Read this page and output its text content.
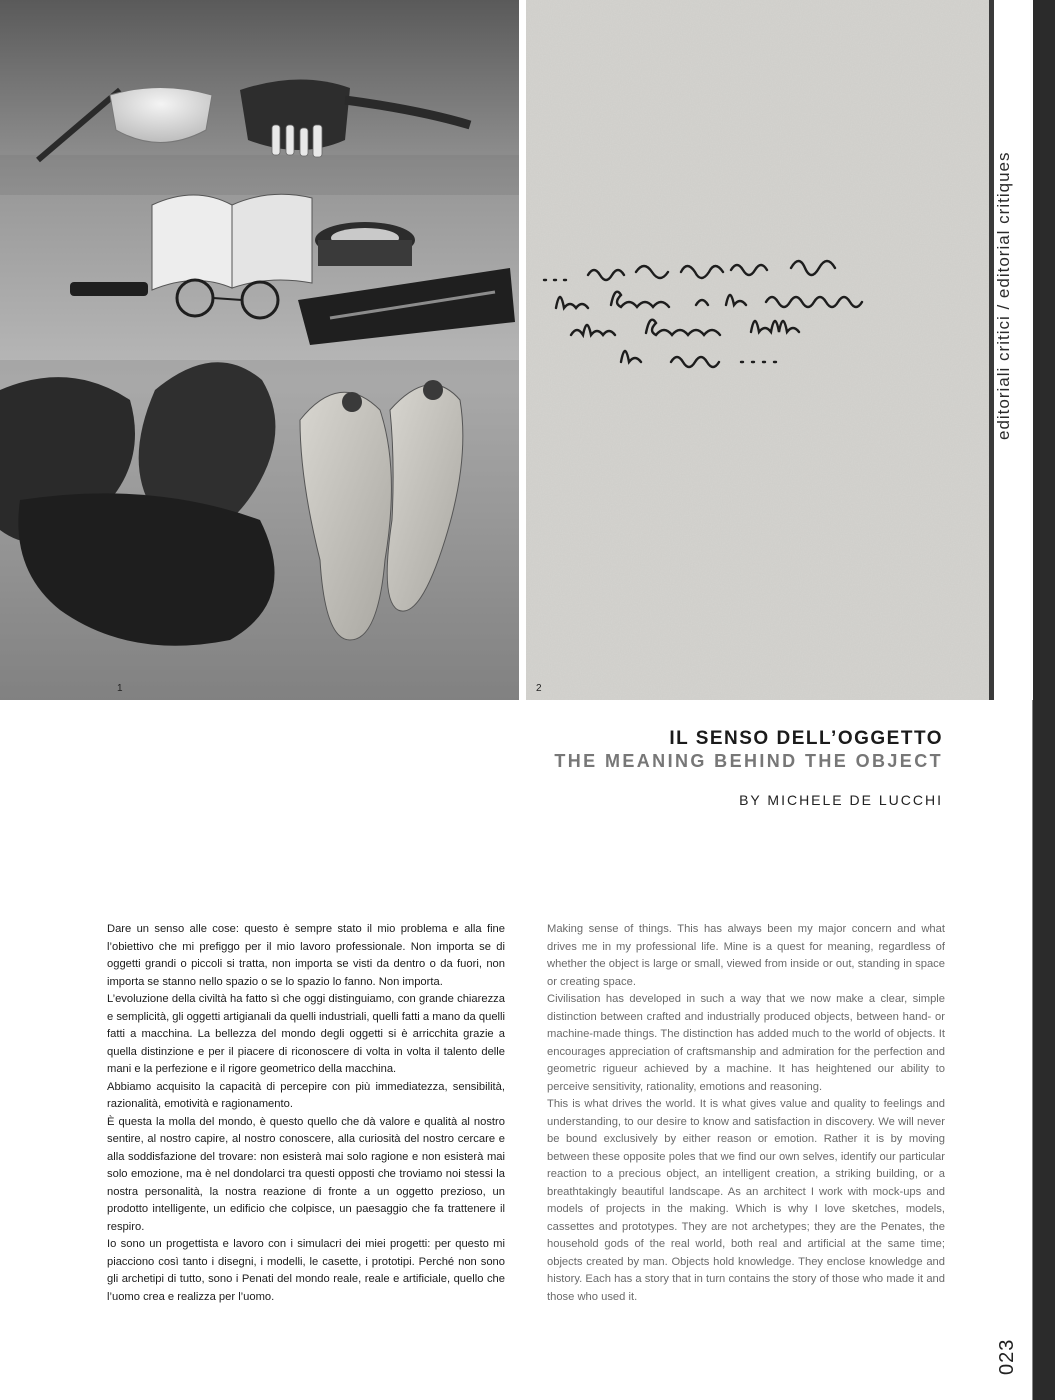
1	2
editoriali critici / editorial critiques
023
IL SENSO DELL’OGGETTO
THE MEANING BEHIND THE OBJECT
BY MICHELE DE LUCCHI

Dare un senso alle cose: questo è sempre stato il mio problema e alla fine l’obiettivo che mi prefiggo per il mio lavoro professionale. Non importa se di oggetti grandi o piccoli si tratta, non importa se visti da dentro o da fuori, non importa se stanno nello spazio o se lo spazio lo fanno. Non importa.

L’evoluzione della civiltà ha fatto sì che oggi distinguiamo, con grande chiarezza e semplicità, gli oggetti artigianali da quelli industriali, quelli fatti a mano da quelli fatti a macchina. La bellezza del mondo degli oggetti si è arricchita grazie a quella distinzione e per il piacere di riconoscere di volta in volta il talento delle mani e la perfezione e il rigore geometrico della macchina.

Abbiamo acquisito la capacità di percepire con più immediatezza, sensibilità, razionalità, emotività e ragionamento.

È questa la molla del mondo, è questo quello che dà valore e qualità al nostro sentire, al nostro capire, al nostro conoscere, alla curiosità del nostro cercare e alla soddisfazione del trovare: non esisterà mai solo ragione e non esisterà mai solo emozione, ma è nel dondolarci tra questi opposti che troviamo noi stessi la nostra personalità, la nostra reazione di fronte a un oggetto prezioso, un prodotto intelligente, un edificio che colpisce, un paesaggio che fa trattenere il respiro.

Io sono un progettista e lavoro con i simulacri dei miei progetti: per questo mi piacciono così tanto i disegni, i modelli, le casette, i prototipi. Perché non sono gli archetipi di tutto, sono i Penati del mondo reale, reale e artificiale, quello che l’uomo crea e realizza per l’uomo.

Making sense of things. This has always been my major concern and what drives me in my professional life. Mine is a quest for meaning, regardless of whether the object is large or small, viewed from inside or out, standing in space or creating space.

Civilisation has developed in such a way that we now make a clear, simple distinction between crafted and industrially produced objects, between hand- or machine-made things. The distinction has added much to the world of objects. It encourages appreciation of craftsmanship and admiration for the perfection and geometric rigueur achieved by a machine. It has heightened our ability to perceive sensitivity, rationality, emotions and reasoning.

This is what drives the world. It is what gives value and quality to feelings and understanding, to our desire to know and satisfaction in discovery. We will never be bound exclusively by either reason or emotion. Rather it is by moving between these opposite poles that we find our own selves, identify our particular reaction to a precious object, an intelligent creation, a striking building, or a breathtakingly beautiful landscape. As an architect I work with mock-ups and models of projects in the making. Which is why I love sketches, models, cassettes and prototypes. They are not archetypes; they are the Penates, the household gods of the real world, both real and artificial at the same time; objects created by man. Objects hold knowledge. They enclose knowledge and history. Each has a story that in turn contains the story of those who made it and those who used it.
